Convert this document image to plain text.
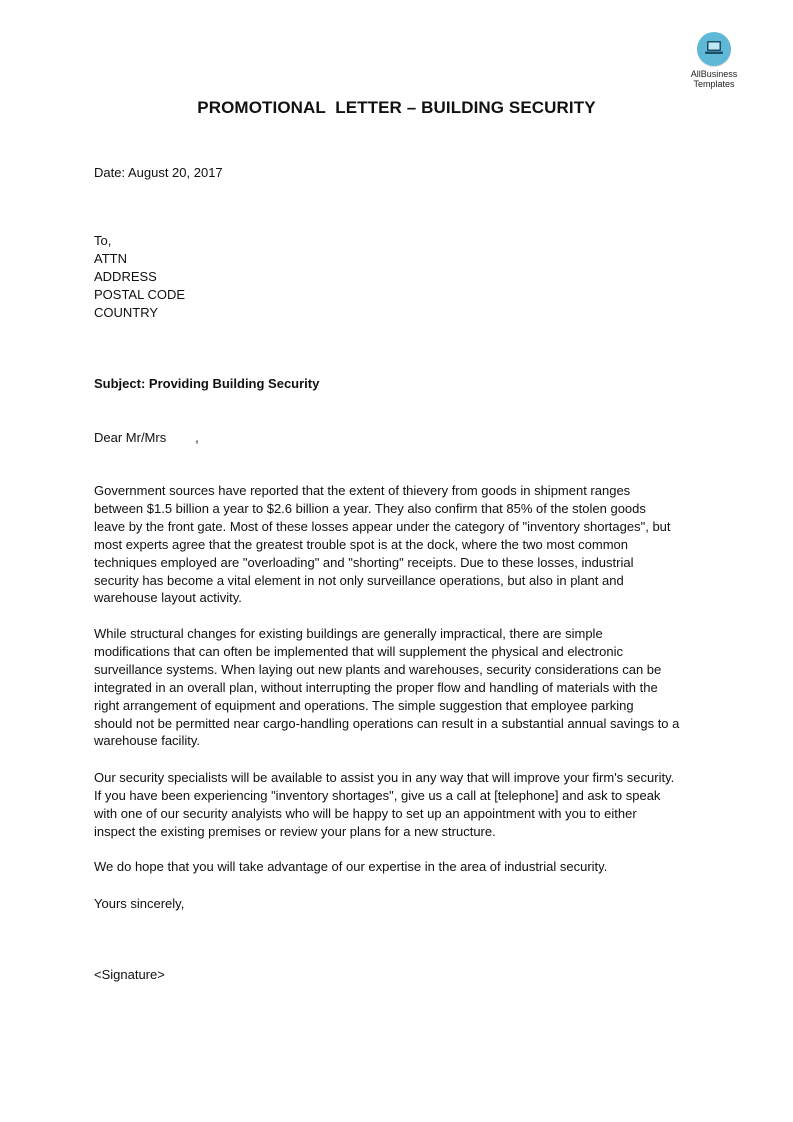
AllBusiness
Templates
PROMOTIONAL  LETTER – BUILDING SECURITY
Date: August 20, 2017
To,
ATTN
ADDRESS
POSTAL CODE
COUNTRY
Subject: Providing Building Security
Dear Mr/Mrs        ,
Government sources have reported that the extent of thievery from goods in shipment ranges
between $1.5 billion a year to $2.6 billion a year. They also confirm that 85% of the stolen goods
leave by the front gate. Most of these losses appear under the category of "inventory shortages", but
most experts agree that the greatest trouble spot is at the dock, where the two most common
techniques employed are "overloading" and "shorting" receipts. Due to these losses, industrial
security has become a vital element in not only surveillance operations, but also in plant and
warehouse layout activity.
While structural changes for existing buildings are generally impractical, there are simple
modifications that can often be implemented that will supplement the physical and electronic
surveillance systems. When laying out new plants and warehouses, security considerations can be
integrated in an overall plan, without interrupting the proper flow and handling of materials with the
right arrangement of equipment and operations. The simple suggestion that employee parking
should not be permitted near cargo-handling operations can result in a substantial annual savings to a
warehouse facility.
Our security specialists will be available to assist you in any way that will improve your firm's security.
If you have been experiencing "inventory shortages", give us a call at [telephone] and ask to speak
with one of our security analyists who will be happy to set up an appointment with you to either
inspect the existing premises or review your plans for a new structure.
We do hope that you will take advantage of our expertise in the area of industrial security.
Yours sincerely,
<Signature>
